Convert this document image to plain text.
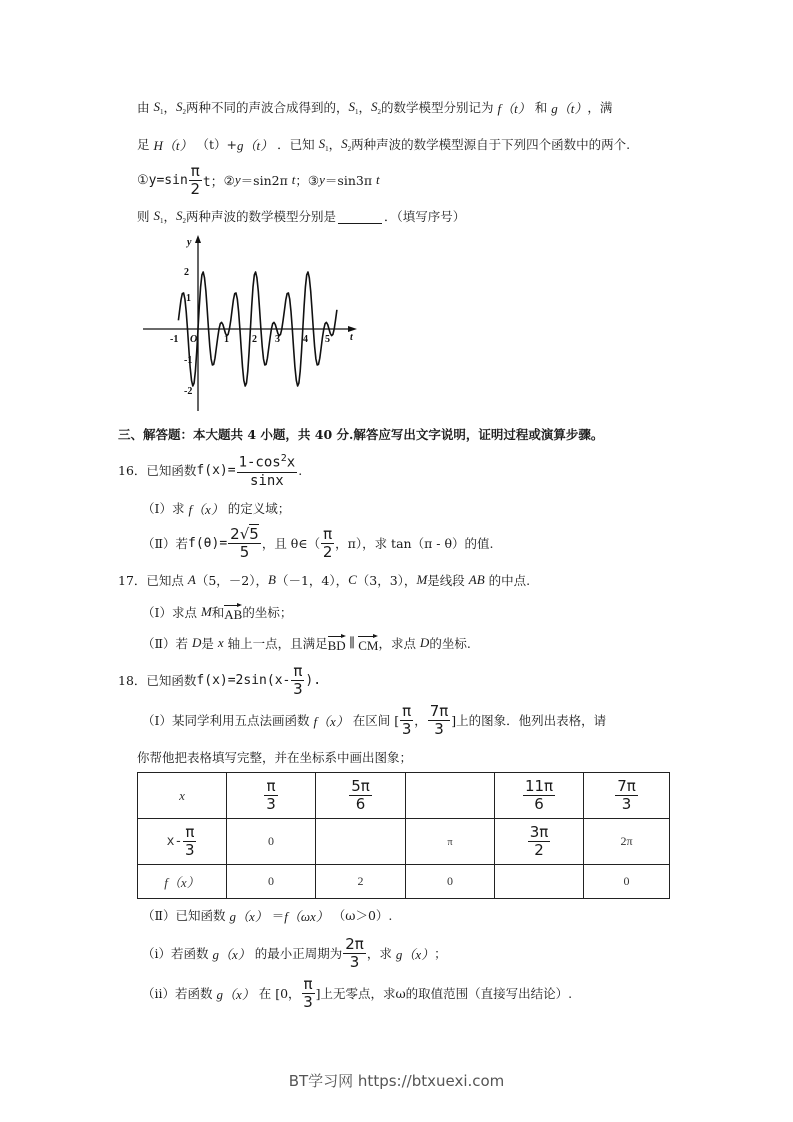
由 $S_1$ ， $S_2$ 两种不同的声波合成得到的， $S_1$ ， $S_2$ 的数学模型分别记为 f（t） 和 g（t） ，满
足 H（t） （t）+ g（t） ．已知 $S_1$ ， $S_2$ 两种声波的数学模型源自于下列四个函数中的两个.
①y=sin $\frac{\pi}{2}$ t； ② y ＝sin2π t ； ③ y ＝sin3π t
则 $S_1$ ， $S_2$ 两种声波的数学模型分别是	．（填写序号）
y
t
O
-1	1 2 3 4 5
2
1
-1
-2
三、解答题：本大题共 4 小题，共 40 分.解答应写出文字说明，证明过程或演算步骤。
16． 已知函数 $f(x)= \frac{1-\cos^2x}{\sin x}$ .
（Ⅰ） 求 f（x） 的定义域；
（Ⅱ） 若 $f(\theta)= \frac{2√5}{5}$ ，且 θ∈（ $\frac{\pi}{2}$ ，π），求 tan（π - θ）的值.
17． 已知点 A （5，－2）， B （－1，4）， C （3，3）， M 是线段 AB 的中点.
（Ⅰ） 求点 M 和 AB 的坐标；
（Ⅱ） 若 D 是 x 轴上一点，且满足 BD ∥ CM ，求点 D 的坐标.
18． 已知函数 $f(x)=2\sin(x- \frac{\pi}{3}$ ).
（Ⅰ） 某同学利用五点法画函数 f（x） 在区间 [ $\frac{\pi}{3}$ ， $\frac{7\pi}{3}$ ]上的图象．他列出表格，请
你帮他把表格填写完整，并在坐标系中画出图象；
x	$\frac{\pi}{3}$	$\frac{5\pi}{6}$		$\frac{11\pi}{6}$	$\frac{7\pi}{3}$

$x- \frac{\pi}{3}$	0		π	$\frac{3\pi}{2}$	2π
f（x）	0	2	0		0
（Ⅱ） 已知函数 g（x） ＝ f（ωx） （ω＞0）.
（ⅰ） 若函数 g（x） 的最小正周期为 $\frac{2\pi}{3}$ ，求 g（x） ；
（ⅱ） 若函数 g（x） 在 [0， $\frac{\pi}{3}$ ]上无零点，求ω的取值范围（直接写出结论）.
BT学习网 https://btxuexi.com
